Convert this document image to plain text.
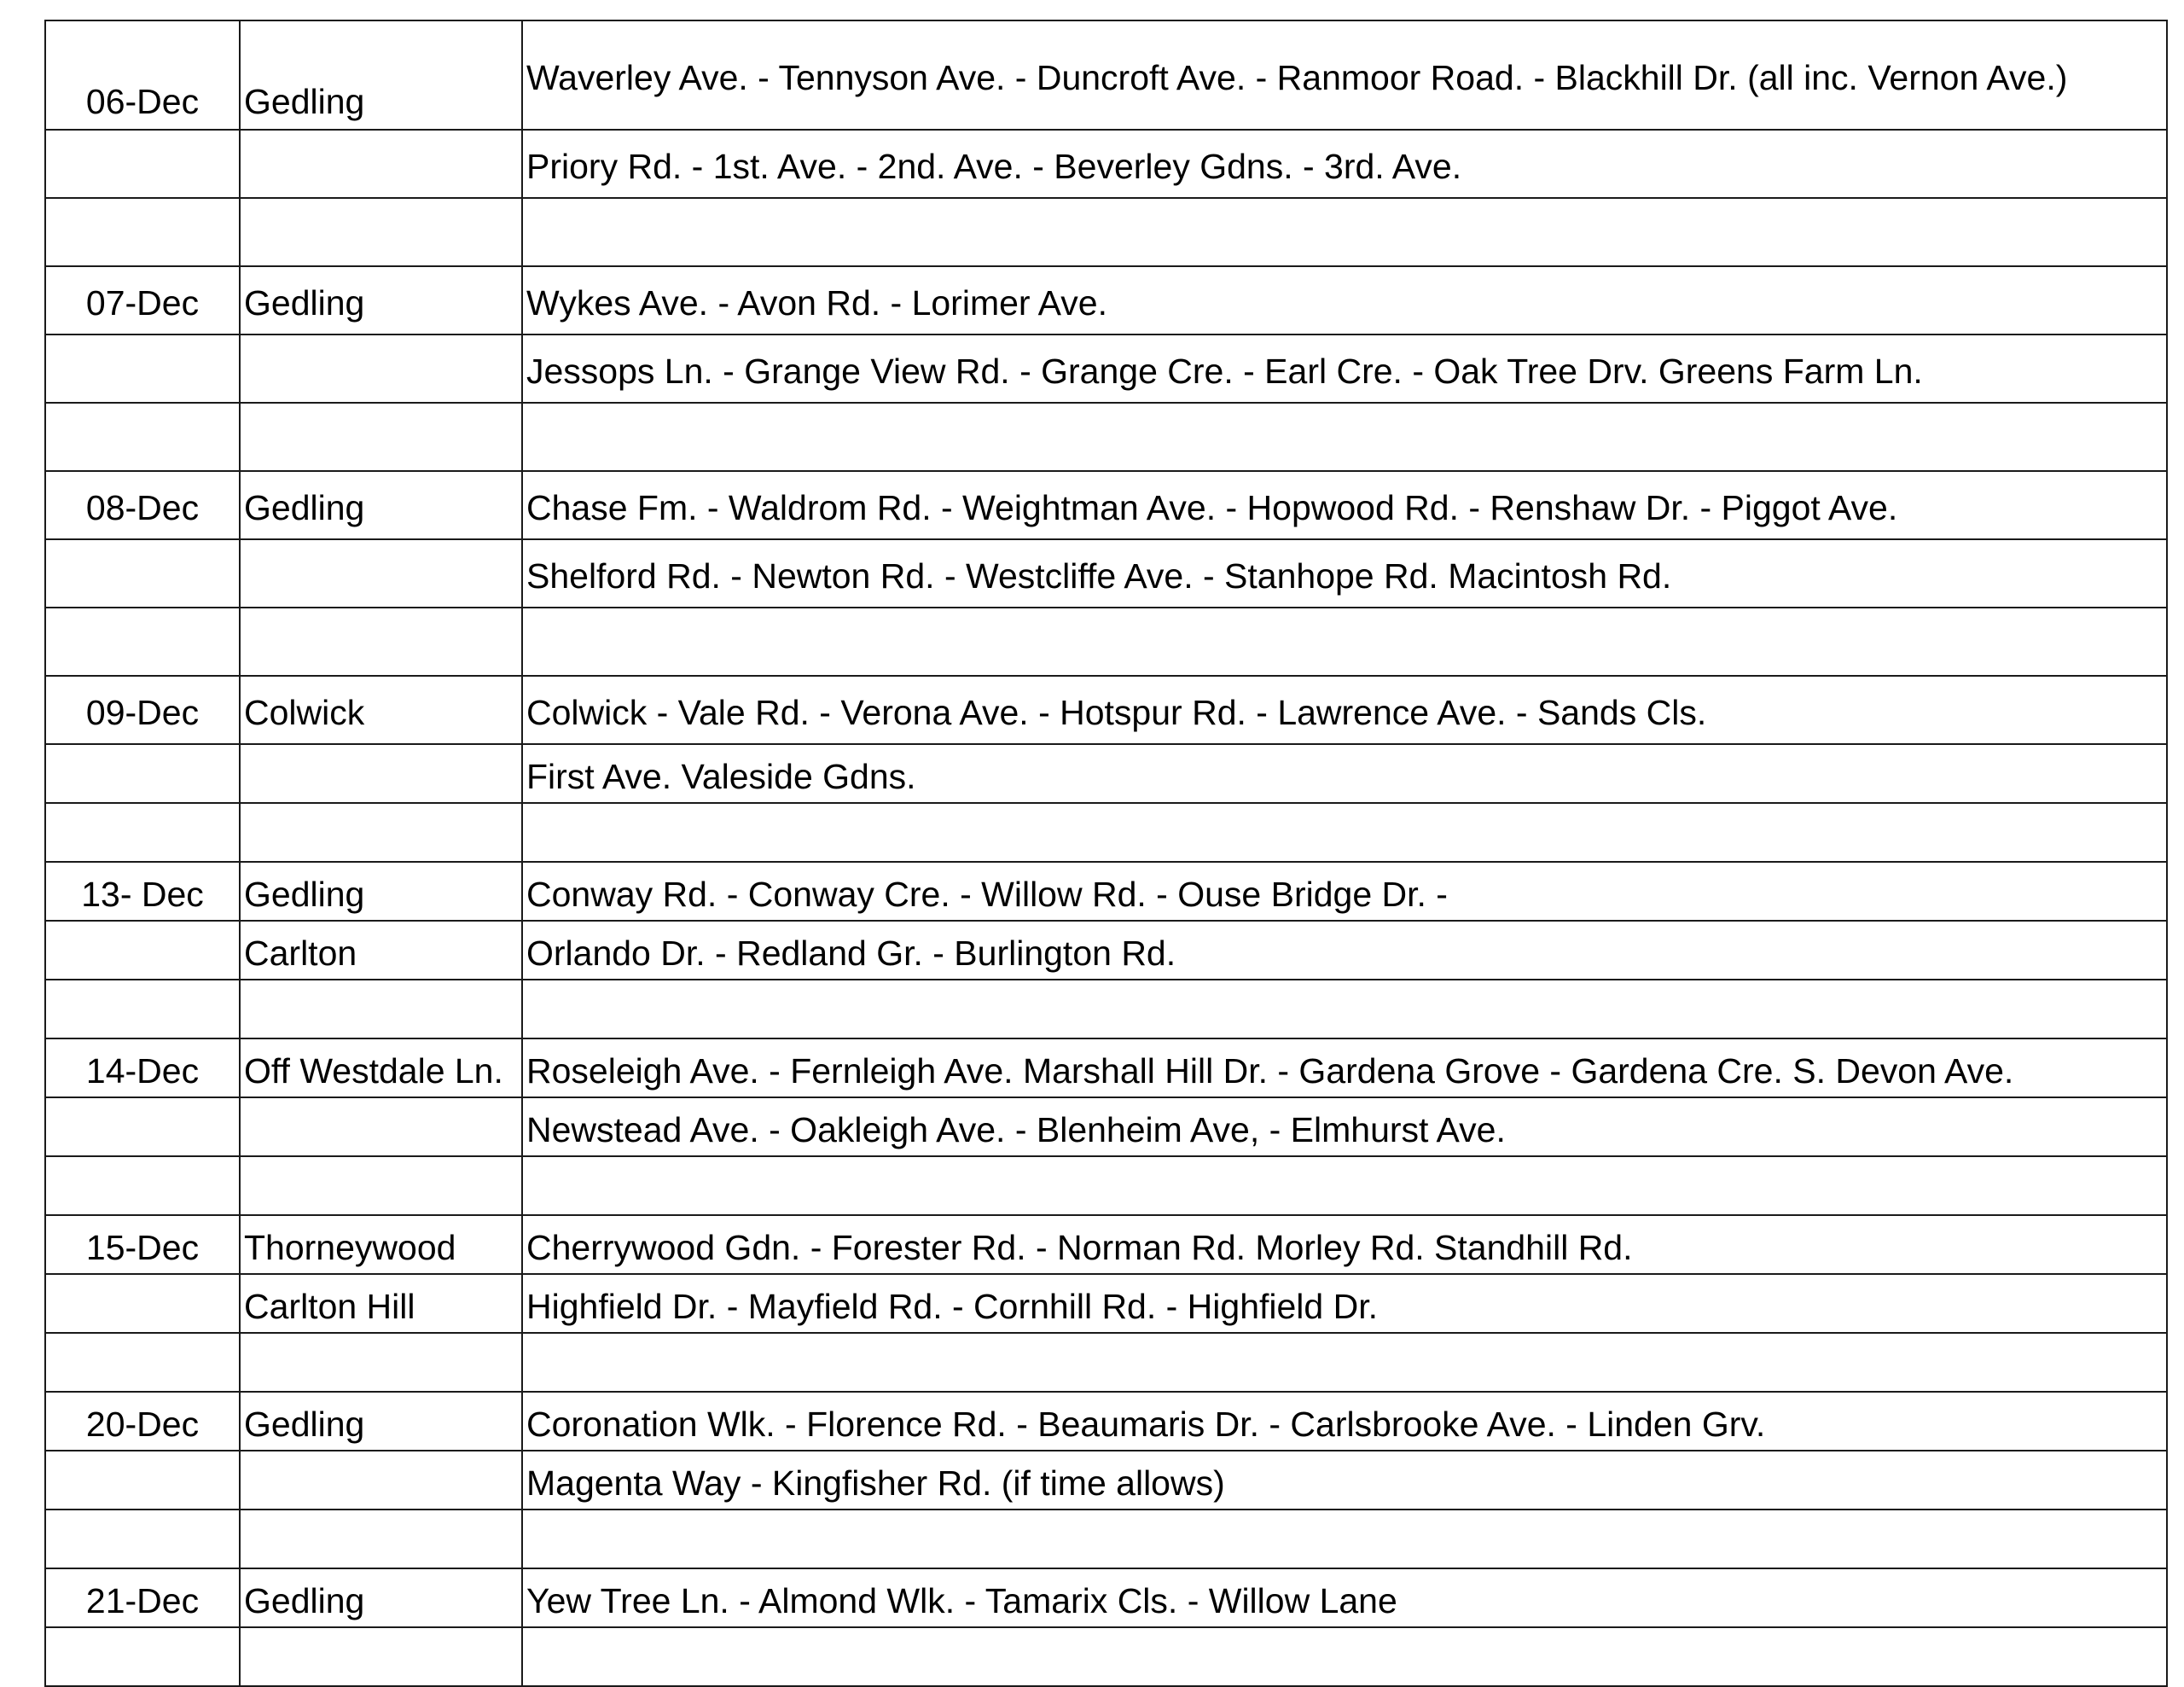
06-Dec	Gedling	Waverley Ave. - Tennyson Ave. - Duncroft Ave. - Ranmoor Road. - Blackhill Dr. (all inc. Vernon Ave.)
		Priory Rd. - 1st. Ave. - 2nd. Ave. - Beverley Gdns. - 3rd. Ave.

07-Dec	Gedling	Wykes Ave. - Avon Rd. - Lorimer Ave.
		Jessops Ln. - Grange View Rd. - Grange Cre. - Earl Cre. - Oak Tree Drv. Greens Farm Ln.

08-Dec	Gedling	Chase Fm. - Waldrom Rd. - Weightman Ave. - Hopwood Rd. - Renshaw Dr. - Piggot Ave.
		Shelford Rd. - Newton Rd. - Westcliffe Ave. - Stanhope Rd. Macintosh Rd.

09-Dec	Colwick	Colwick - Vale Rd. - Verona Ave. - Hotspur Rd. - Lawrence Ave. - Sands Cls.
		First Ave. Valeside Gdns.

13- Dec	Gedling	Conway Rd. - Conway Cre. - Willow Rd. - Ouse Bridge Dr. -
	Carlton	Orlando Dr. - Redland Gr. - Burlington Rd.

14-Dec	Off Westdale Ln.	Roseleigh Ave. - Fernleigh Ave. Marshall Hill Dr. - Gardena Grove - Gardena Cre. S. Devon Ave.
		Newstead Ave. - Oakleigh Ave. - Blenheim Ave, - Elmhurst Ave.

15-Dec	Thorneywood	Cherrywood Gdn. - Forester Rd. - Norman Rd. Morley Rd. Standhill Rd.
	Carlton Hill	Highfield Dr. - Mayfield Rd. - Cornhill Rd. - Highfield Dr.

20-Dec	Gedling	Coronation Wlk. - Florence Rd. - Beaumaris Dr. - Carlsbrooke Ave. - Linden Grv.
		Magenta Way - Kingfisher Rd. (if time allows)

21-Dec	Gedling	Yew Tree Ln. - Almond Wlk. - Tamarix Cls. - Willow Lane
